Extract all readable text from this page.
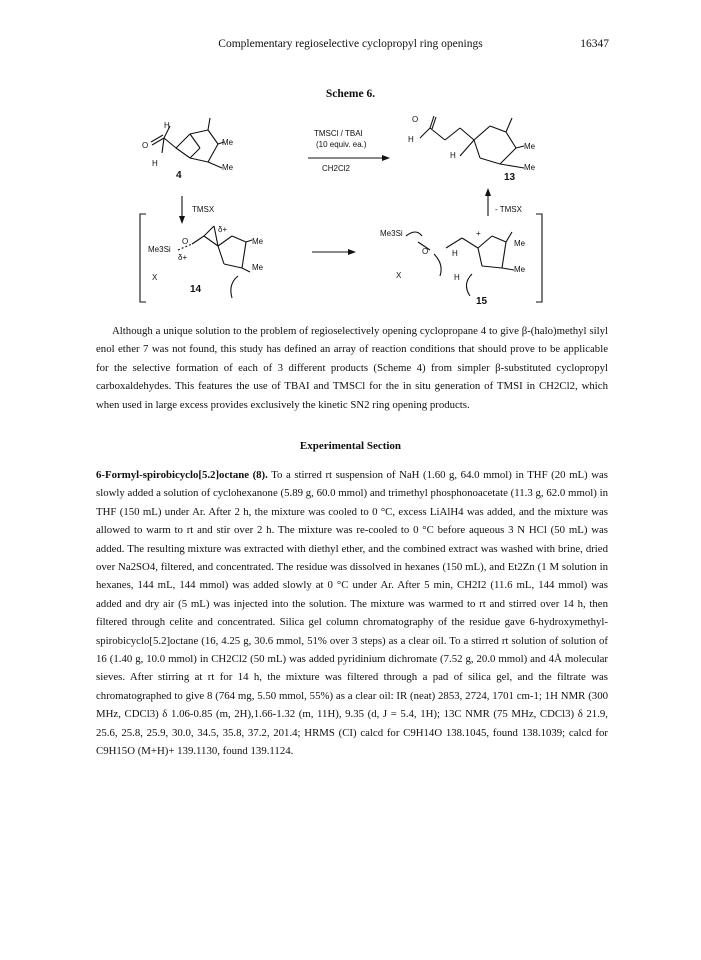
Complementary regioselective cyclopropyl ring openings	16347
Scheme 6.
H
O
H
Me
Me
4
TMSCl / TBAI
(10 equiv. ea.)
CH2Cl2
O
H
H
Me
Me
13
TMSX	- TMSX
Me3Si
O
δ+
δ+
Me
Me
X
14
Me3Si
O	H
+
Me
Me
H
X
15
Although a unique solution to the problem of regioselectively opening cyclopropane 4 to give β-(halo)methyl silyl enol ether 7 was not found, this study has defined an array of reaction conditions that should prove to be applicable for the selective formation of each of 3 different products (Scheme 4) from simpler β-substituted cyclopropyl carboxaldehydes. This features the use of TBAI and TMSCl for the in situ generation of TMSI in CH2Cl2, which when used in large excess provides exclusively the kinetic SN2 ring opening products.
Experimental Section
6-Formyl-spirobicyclo[5.2]octane (8). To a stirred rt suspension of NaH (1.60 g, 64.0 mmol) in THF (20 mL) was slowly added a solution of cyclohexanone (5.89 g, 60.0 mmol) and trimethyl phosphonoacetate (11.3 g, 62.0 mmol) in THF (150 mL) under Ar. After 2 h, the mixture was cooled to 0 °C, excess LiAlH4 was added, and the mixture was allowed to warm to rt and stir over 2 h. The mixture was re-cooled to 0 °C before aqueous 3 N HCl (50 mL) was added. The resulting mixture was extracted with diethyl ether, and the combined extract was washed with brine, dried over Na2SO4, filtered, and concentrated. The residue was dissolved in hexanes (150 mL), and Et2Zn (1 M solution in hexanes, 144 mL, 144 mmol) was added slowly at 0 °C under Ar. After 5 min, CH2I2 (11.6 mL, 144 mmol) was added and dry air (5 mL) was injected into the solution. The mixture was warmed to rt and stirred over 14 h, then filtered through celite and concentrated. Silica gel column chromatography of the residue gave 6-hydroxymethyl-spirobicyclo[5.2]octane (16, 4.25 g, 30.6 mmol, 51% over 3 steps) as a clear oil. To a stirred rt solution of solution of 16 (1.40 g, 10.0 mmol) in CH2Cl2 (50 mL) was added pyridinium dichromate (7.52 g, 20.0 mmol) and 4Å molecular sieves. After stirring at rt for 14 h, the mixture was filtered through a pad of silica gel, and the filtrate was chromatographed to give 8 (764 mg, 5.50 mmol, 55%) as a clear oil: IR (neat) 2853, 2724, 1701 cm-1; 1H NMR (300 MHz, CDCl3) δ 1.06-0.85 (m, 2H),1.66-1.32 (m, 11H), 9.35 (d, J = 5.4, 1H); 13C NMR (75 MHz, CDCl3) δ 21.9, 25.6, 25.8, 25.9, 30.0, 34.5, 35.8, 37.2, 201.4; HRMS (CI) calcd for C9H14O 138.1045, found 138.1039; calcd for C9H15O (M+H)+ 139.1130, found 139.1124.
